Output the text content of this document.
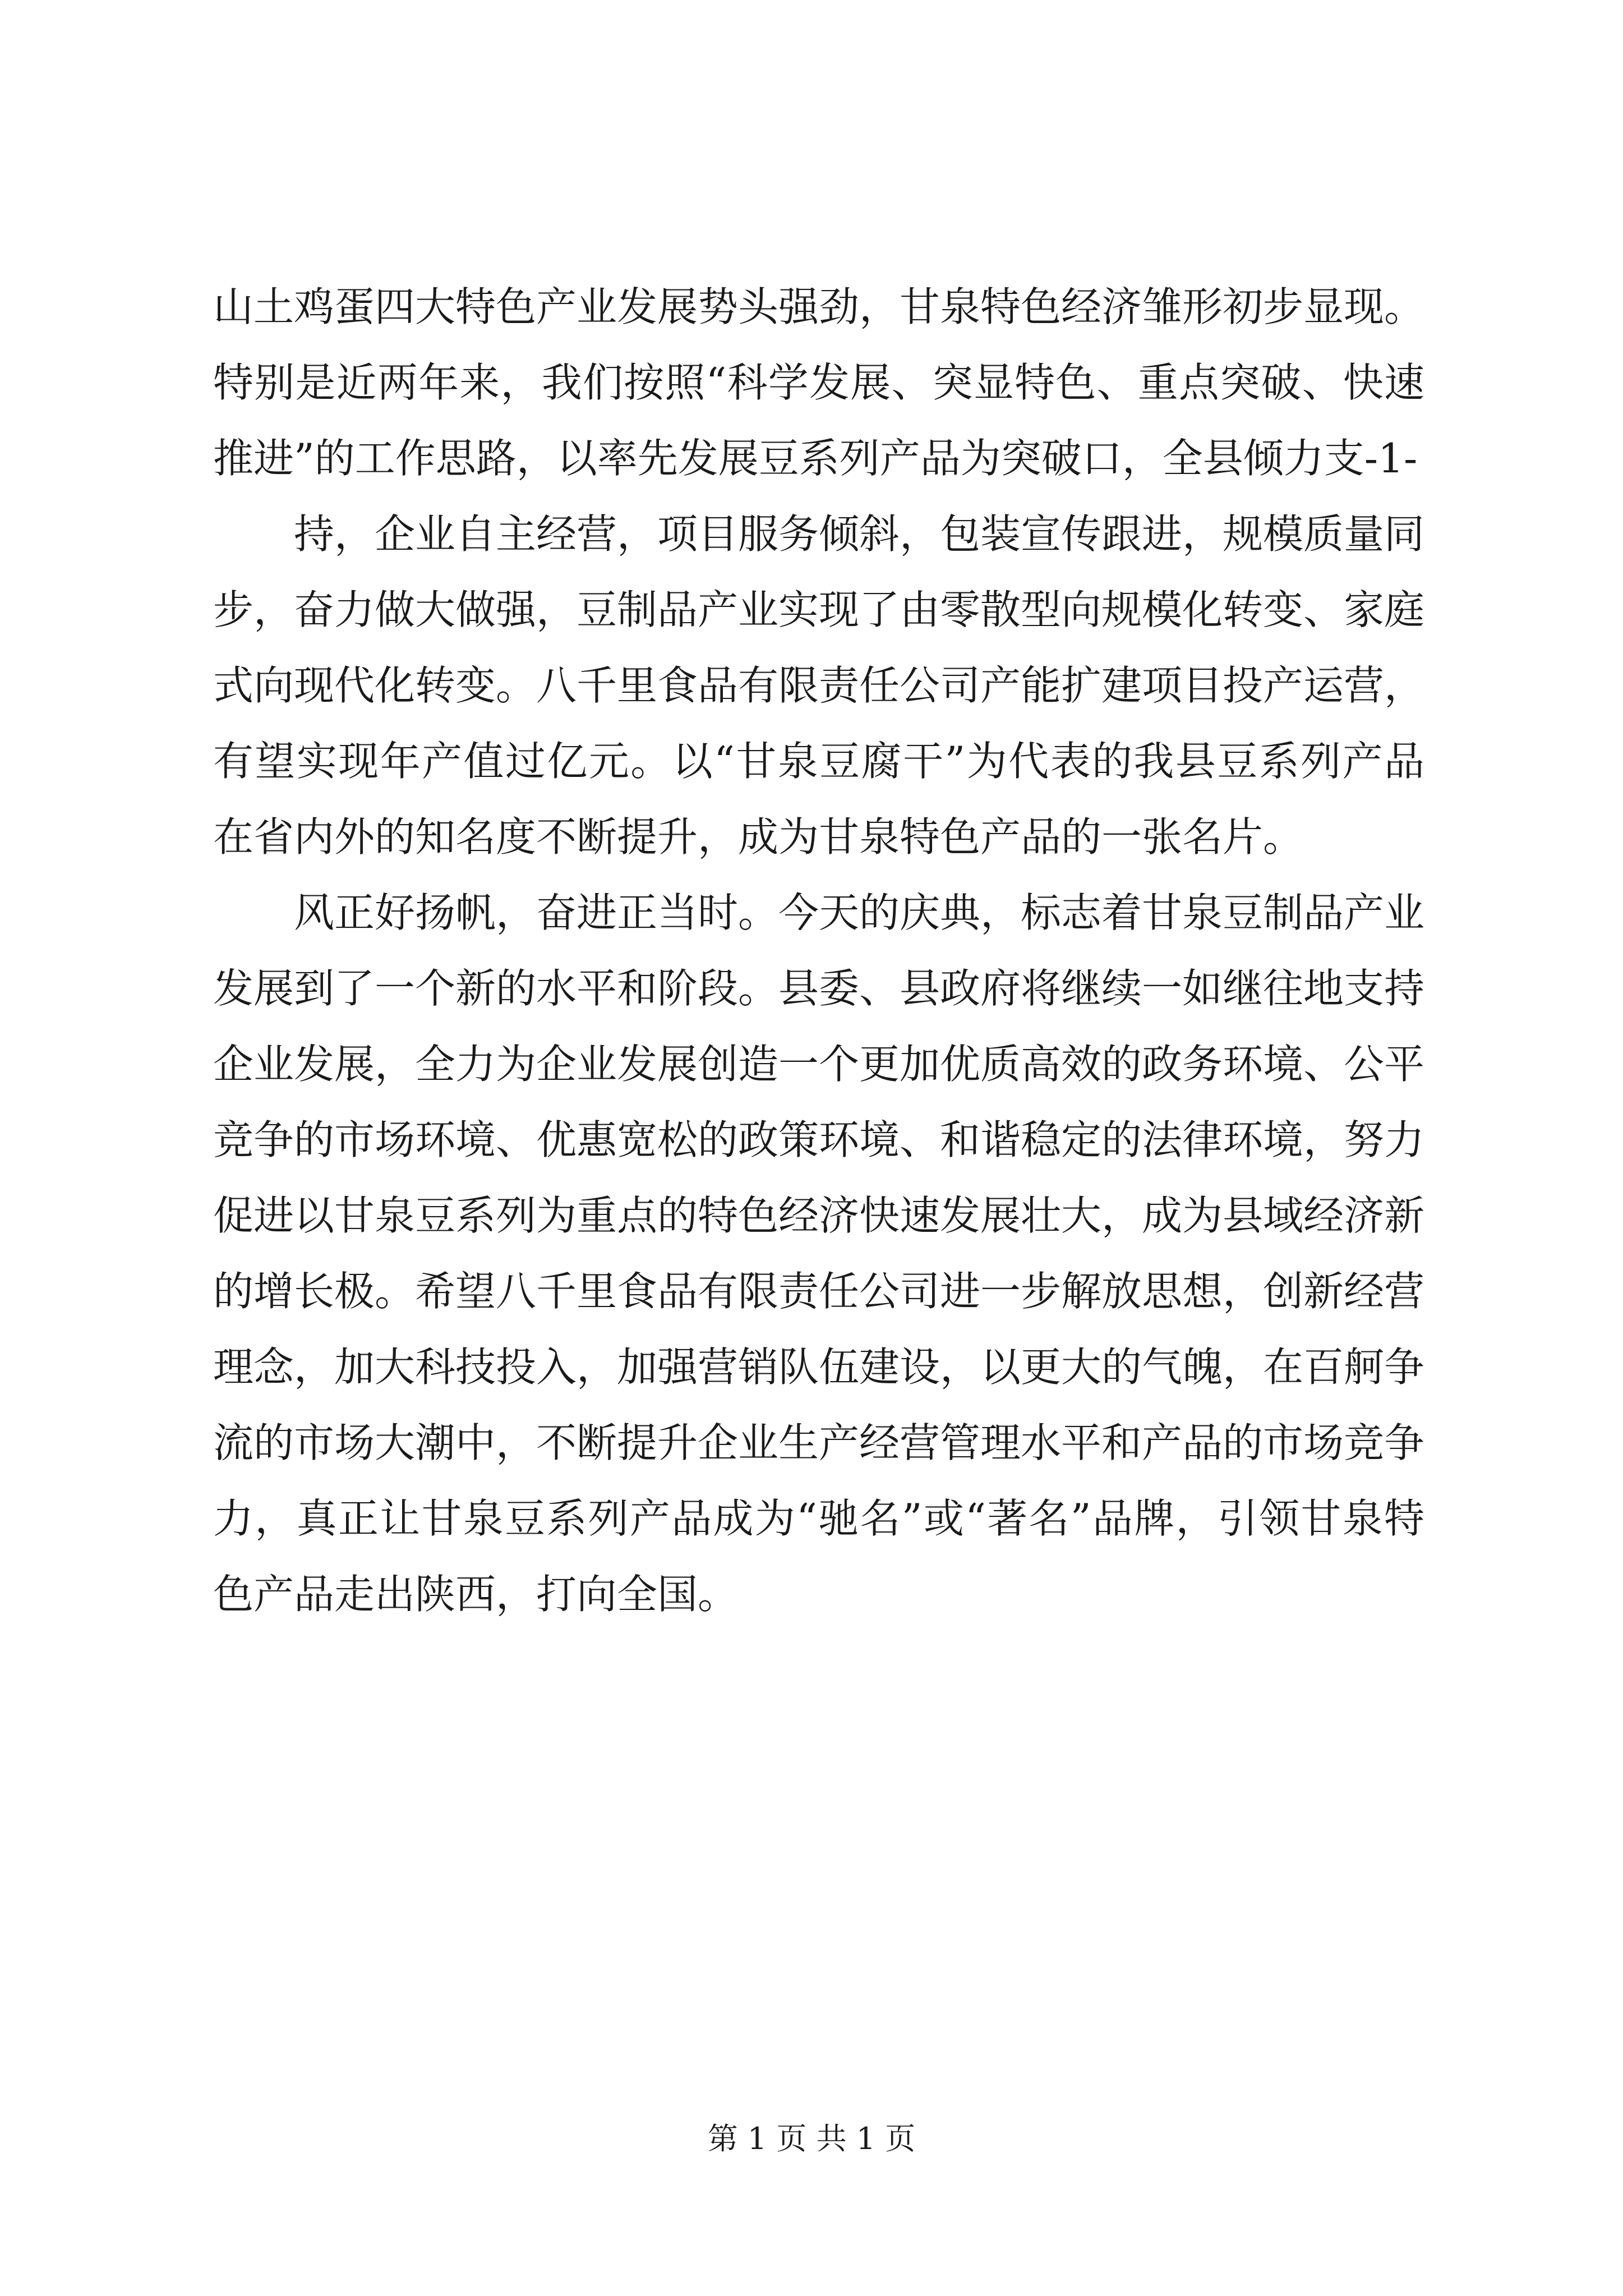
山土鸡蛋四大特色产业发展势头强劲，甘泉特色经济雏形初步显现。特别是近两年来，我们按照“科学发展、突显特色、重点突破、快速推进”的工作思路，以率先发展豆系列产品为突破口，全县倾力支-1-

持，企业自主经营，项目服务倾斜，包装宣传跟进，规模质量同步，奋力做大做强，豆制品产业实现了由零散型向规模化转变、家庭式向现代化转变。八千里食品有限责任公司产能扩建项目投产运营，有望实现年产值过亿元。以“甘泉豆腐干”为代表的我县豆系列产品在省内外的知名度不断提升，成为甘泉特色产品的一张名片。

风正好扬帆，奋进正当时。今天的庆典，标志着甘泉豆制品产业发展到了一个新的水平和阶段。县委、县政府将继续一如继往地支持企业发展，全力为企业发展创造一个更加优质高效的政务环境、公平竞争的市场环境、优惠宽松的政策环境、和谐稳定的法律环境，努力促进以甘泉豆系列为重点的特色经济快速发展壮大，成为县域经济新的增长极。希望八千里食品有限责任公司进一步解放思想，创新经营理念，加大科技投入，加强营销队伍建设，以更大的气魄，在百舸争流的市场大潮中，不断提升企业生产经营管理水平和产品的市场竞争力，真正让甘泉豆系列产品成为“驰名”或“著名”品牌，引领甘泉特色产品走出陕西，打向全国。

第 1 页 共 1 页
